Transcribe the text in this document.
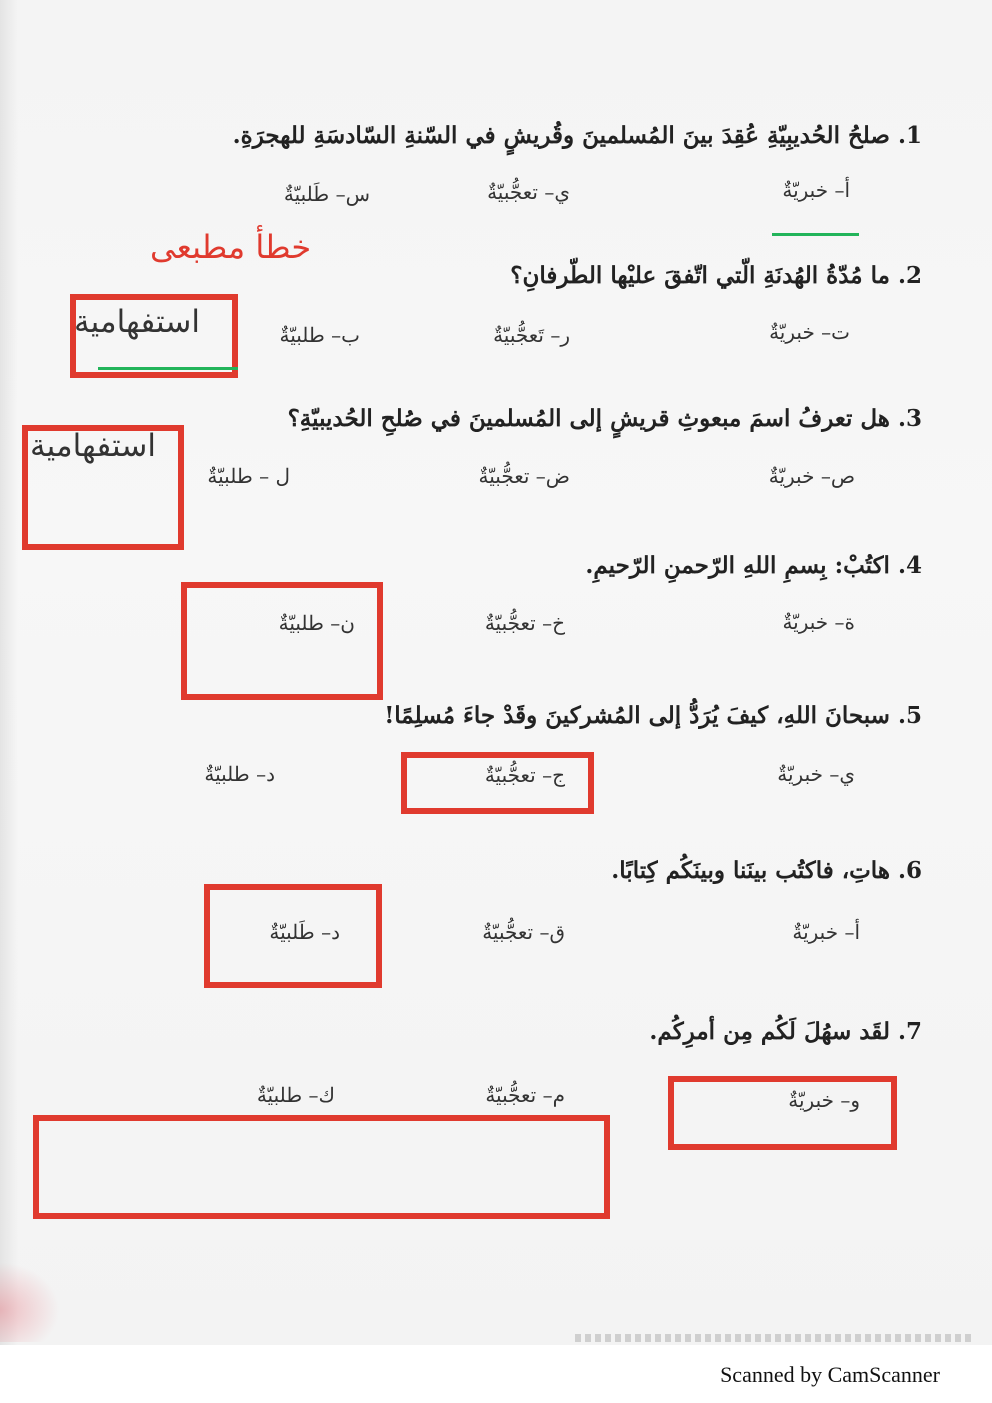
1. صلحُ الحُديبِيّةِ عُقِدَ بينَ المُسلمينَ وقُريشٍ في السّنةِ السّادسَةِ للهجرَةِ.
أ– خبريّةٌ
ي– تعجُّبيّةٌ
س– طَلبيّةٌ
خطأ مطبعى
2. ما مُدّةُ الهُدنَةِ الّتي اتّفقَ عليْها الطّرفانِ؟
ت– خبريّةٌ
ر– تَعجُّبيّةٌ
ب– طلبيّةٌ
استفهامية
3. هل تعرفُ اسمَ مبعوثِ قريشٍ إلى المُسلمينَ في صُلحِ الحُديبيّةِ؟
ص– خبريّةٌ
ض– تعجُّبيّةٌ
ل – طلبيّةٌ
استفهامية
4. اكتُبْ: بِسمِ اللهِ الرّحمنِ الرّحيمِ.
ة– خبريّةٌ
خ– تعجُّبيّةٌ
ن– طلبيّةٌ
5. سبحانَ اللهِ، كيفَ يُرَدُّ إلى المُشركينَ وقَدْ جاءَ مُسلِمًا!
ي– خبريّةٌ
ج– تعجُّبيّةٌ
د– طلبيّةٌ
6. هاتِ، فاكتُب بينَنا وبينَكُم كِتابًا.
أ– خبريّةٌ
ق– تعجُّبيّةٌ
د– طَلبيّةٌ
7. لقَد سهُلَ لَكُم مِن أمرِكُم.
و– خبريّةٌ
م– تعجُّبيّةٌ
ك– طلبيّةٌ
Scanned by CamScanner
